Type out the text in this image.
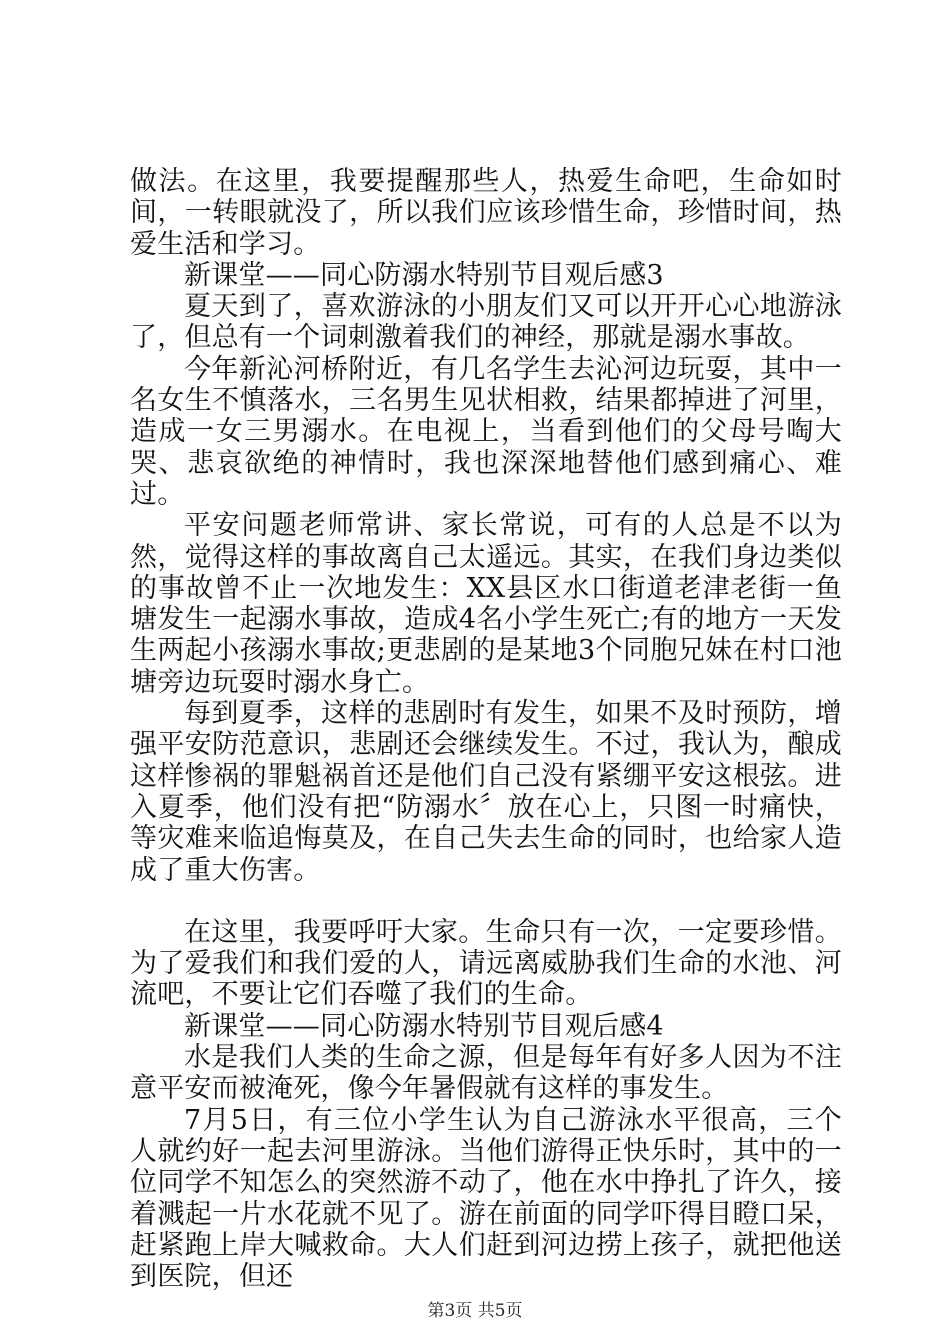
做法。在这里，我要提醒那些人，热爱生命吧，生命如时间，一转眼就没了，所以我们应该珍惜生命，珍惜时间，热爱生活和学习。

新课堂——同心防溺水特别节目观后感3

夏天到了，喜欢游泳的小朋友们又可以开开心心地游泳了，但总有一个词刺激着我们的神经，那就是溺水事故。

今年新沁河桥附近，有几名学生去沁河边玩耍，其中一名女生不慎落水，三名男生见状相救，结果都掉进了河里，造成一女三男溺水。在电视上，当看到他们的父母号啕大哭、悲哀欲绝的神情时，我也深深地替他们感到痛心、难过。

平安问题老师常讲、家长常说，可有的人总是不以为然，觉得这样的事故离自己太遥远。其实，在我们身边类似的事故曾不止一次地发生：XX县区水口街道老津老街一鱼塘发生一起溺水事故，造成4名小学生死亡;有的地方一天发生两起小孩溺水事故;更悲剧的是某地3个同胞兄妹在村口池塘旁边玩耍时溺水身亡。

每到夏季，这样的悲剧时有发生，如果不及时预防，增强平安防范意识，悲剧还会继续发生。不过，我认为，酿成这样惨祸的罪魁祸首还是他们自己没有紧绷平安这根弦。进入夏季，他们没有把“防溺水〞放在心上，只图一时痛快，等灾难来临追悔莫及，在自己失去生命的同时，也给家人造成了重大伤害。

在这里，我要呼吁大家。生命只有一次，一定要珍惜。为了爱我们和我们爱的人，请远离威胁我们生命的水池、河流吧，不要让它们吞噬了我们的生命。

新课堂——同心防溺水特别节目观后感4

水是我们人类的生命之源，但是每年有好多人因为不注意平安而被淹死，像今年暑假就有这样的事发生。

7月5日，有三位小学生认为自己游泳水平很高，三个人就约好一起去河里游泳。当他们游得正快乐时，其中的一位同学不知怎么的突然游不动了，他在水中挣扎了许久，接着溅起一片水花就不见了。游在前面的同学吓得目瞪口呆，赶紧跑上岸大喊救命。大人们赶到河边捞上孩子，就把他送到医院，但还

第3页 共5页
